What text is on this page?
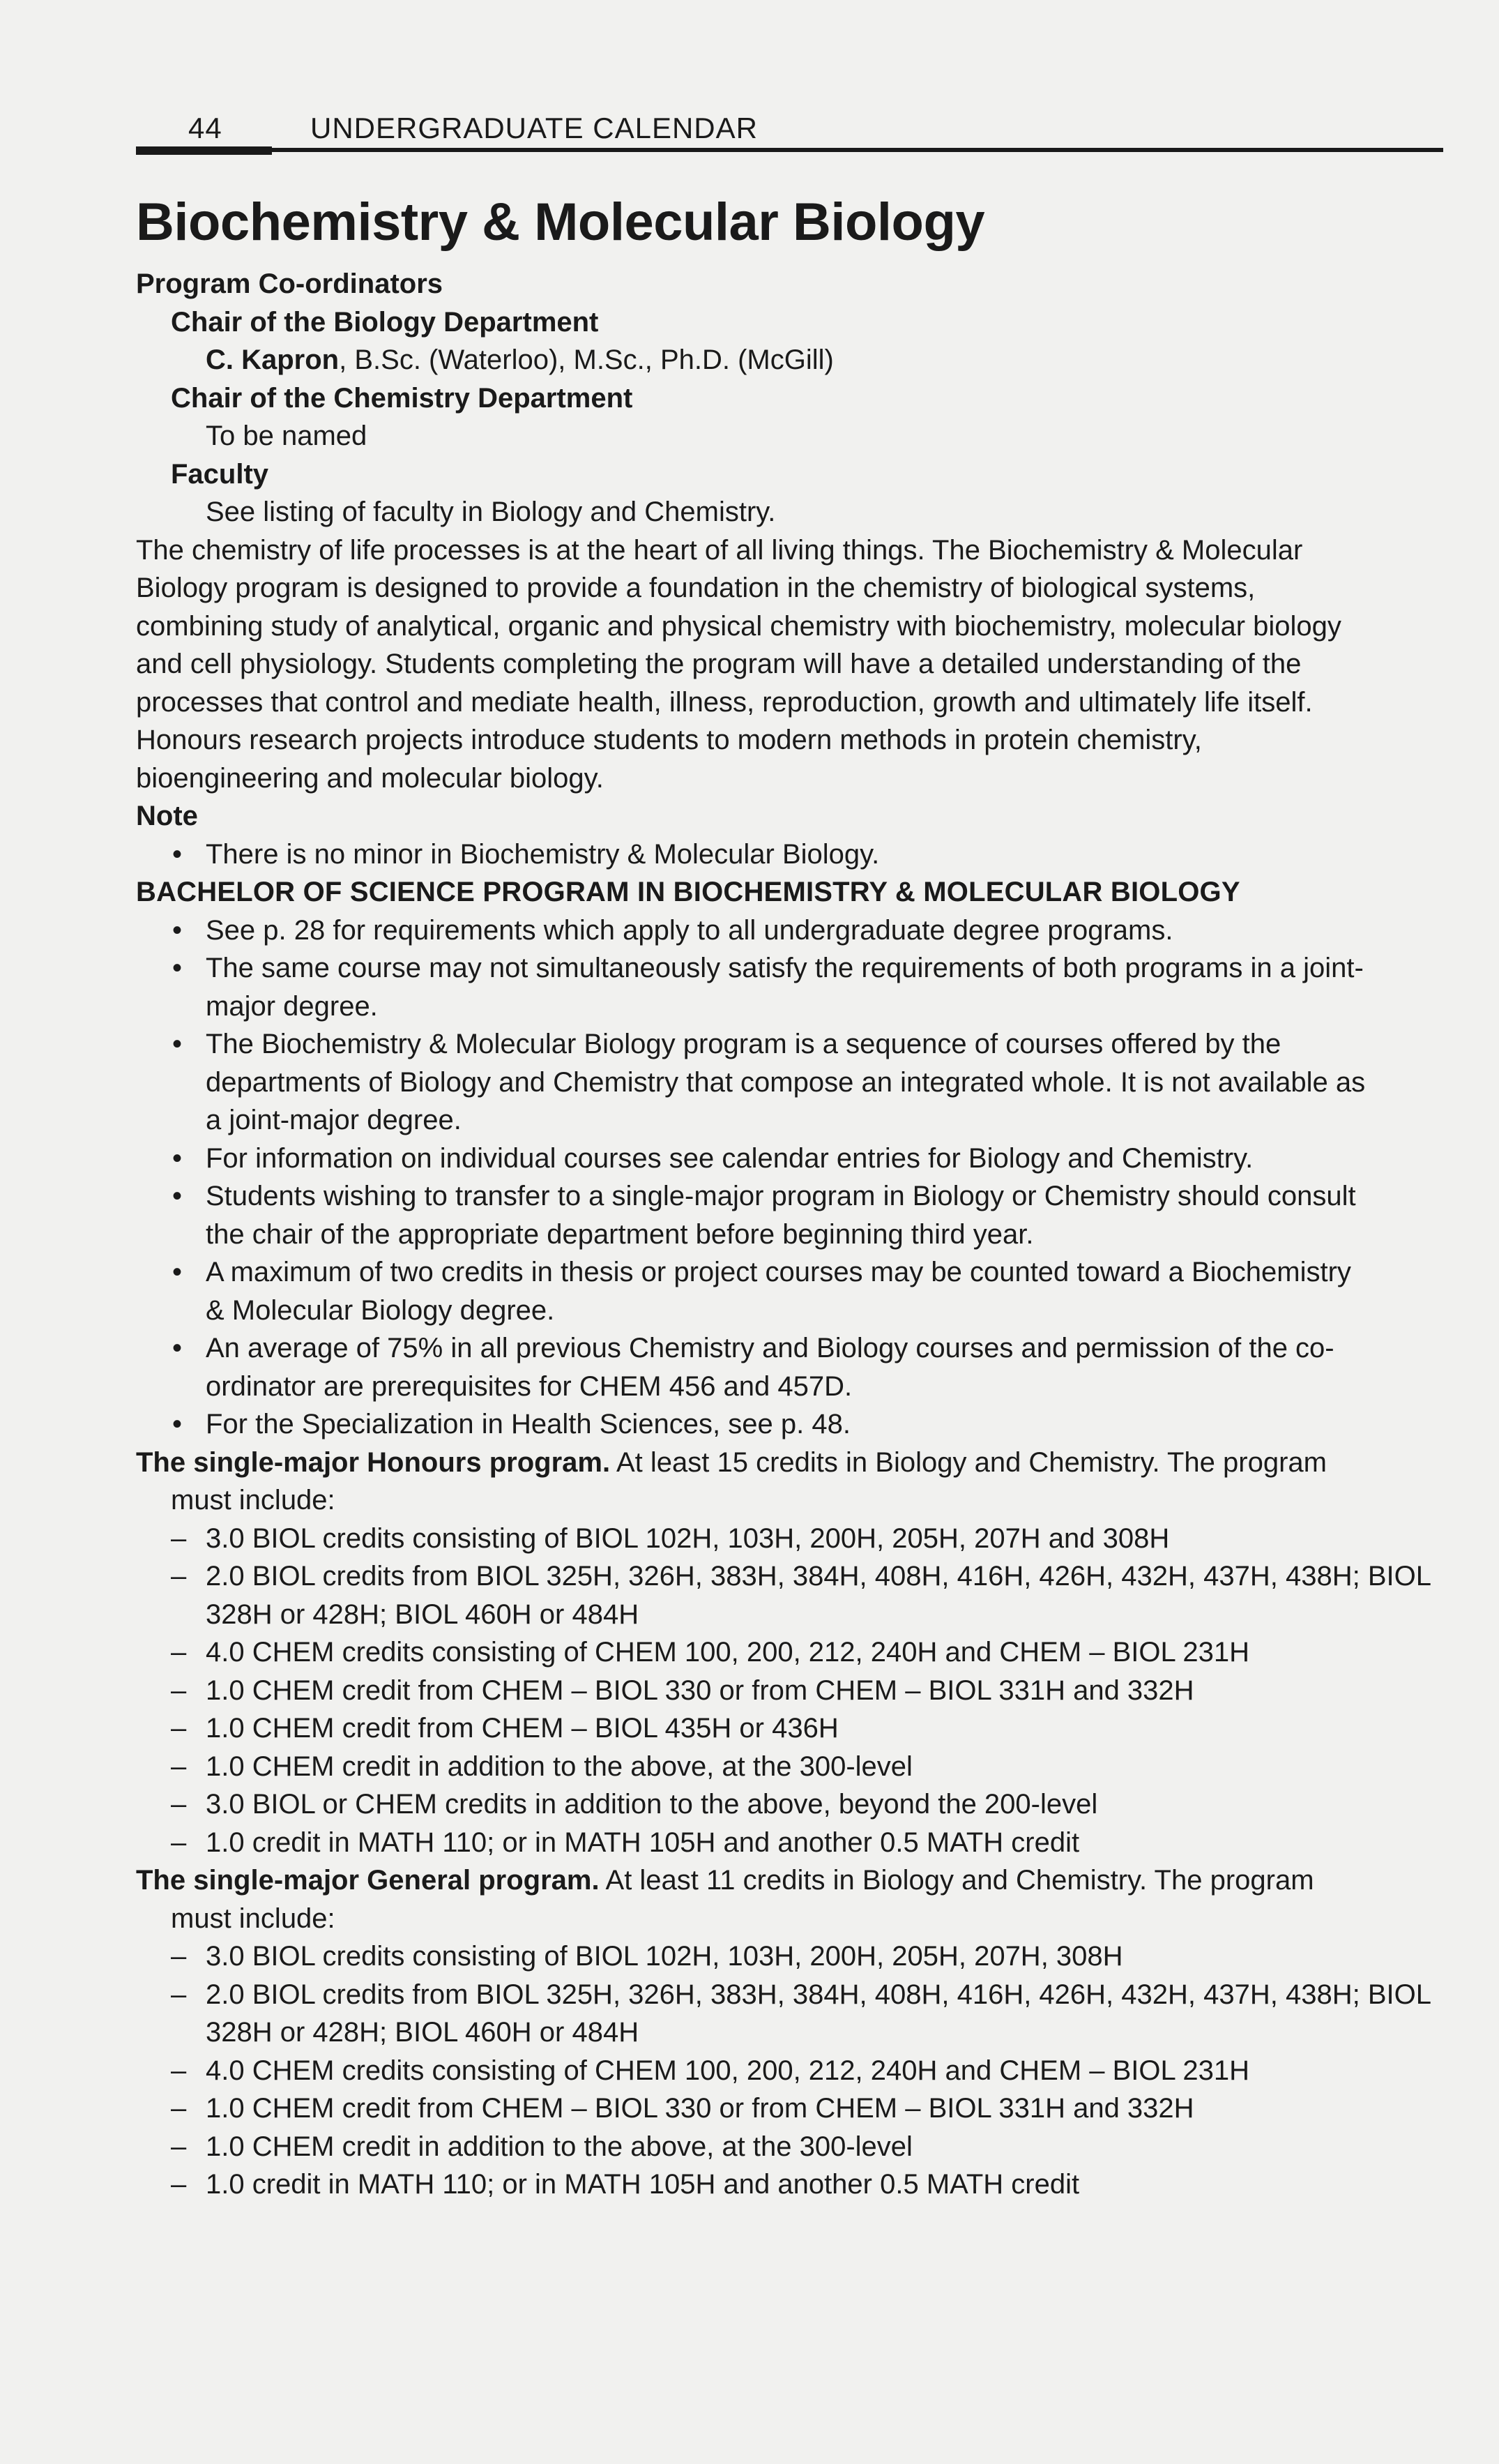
44	UNDERGRADUATE CALENDAR
Biochemistry & Molecular Biology
Program Co-ordinators
Chair of the Biology Department
C. Kapron, B.Sc. (Waterloo), M.Sc., Ph.D. (McGill)
Chair of the Chemistry Department
To be named
Faculty
See listing of faculty in Biology and Chemistry.
The chemistry of life processes is at the heart of all living things. The Biochemistry & Molecular
Biology program is designed to provide a foundation in the chemistry of biological systems,
combining study of analytical, organic and physical chemistry with biochemistry, molecular biology
and cell physiology. Students completing the program will have a detailed understanding of the
processes that control and mediate health, illness, reproduction, growth and ultimately life itself.
Honours research projects introduce students to modern methods in protein chemistry,
bioengineering and molecular biology.
Note
• There is no minor in Biochemistry & Molecular Biology.
BACHELOR OF SCIENCE PROGRAM IN BIOCHEMISTRY & MOLECULAR BIOLOGY
• See p. 28 for requirements which apply to all undergraduate degree programs.
• The same course may not simultaneously satisfy the requirements of both programs in a joint-
major degree.
• The Biochemistry & Molecular Biology program is a sequence of courses offered by the
departments of Biology and Chemistry that compose an integrated whole. It is not available as
a joint-major degree.
• For information on individual courses see calendar entries for Biology and Chemistry.
• Students wishing to transfer to a single-major program in Biology or Chemistry should consult
the chair of the appropriate department before beginning third year.
• A maximum of two credits in thesis or project courses may be counted toward a Biochemistry
& Molecular Biology degree.
• An average of 75% in all previous Chemistry and Biology courses and permission of the co-
ordinator are prerequisites for CHEM 456 and 457D.
• For the Specialization in Health Sciences, see p. 48.
The single-major Honours program. At least 15 credits in Biology and Chemistry. The program
must include:
3.0 BIOL credits consisting of BIOL 102H, 103H, 200H, 205H, 207H and 308H
–
2.0 BIOL credits from BIOL 325H, 326H, 383H, 384H, 408H, 416H, 426H, 432H, 437H, 438H; BIOL
–
328H or 428H; BIOL 460H or 484H
4.0 CHEM credits consisting of CHEM 100, 200, 212, 240H and CHEM – BIOL 231H
–
1.0 CHEM credit from CHEM – BIOL 330 or from CHEM – BIOL 331H and 332H
–
1.0 CHEM credit from CHEM – BIOL 435H or 436H
–
1.0 CHEM credit in addition to the above, at the 300-level
–
3.0 BIOL or CHEM credits in addition to the above, beyond the 200-level
–
1.0 credit in MATH 110; or in MATH 105H and another 0.5 MATH credit
–
The single-major General program. At least 11 credits in Biology and Chemistry. The program
must include:
3.0 BIOL credits consisting of BIOL 102H, 103H, 200H, 205H, 207H, 308H
–
2.0 BIOL credits from BIOL 325H, 326H, 383H, 384H, 408H, 416H, 426H, 432H, 437H, 438H; BIOL
–
328H or 428H; BIOL 460H or 484H
4.0 CHEM credits consisting of CHEM 100, 200, 212, 240H and CHEM – BIOL 231H
–
1.0 CHEM credit from CHEM – BIOL 330 or from CHEM – BIOL 331H and 332H
–
1.0 CHEM credit in addition to the above, at the 300-level
–
1.0 credit in MATH 110; or in MATH 105H and another 0.5 MATH credit
–
